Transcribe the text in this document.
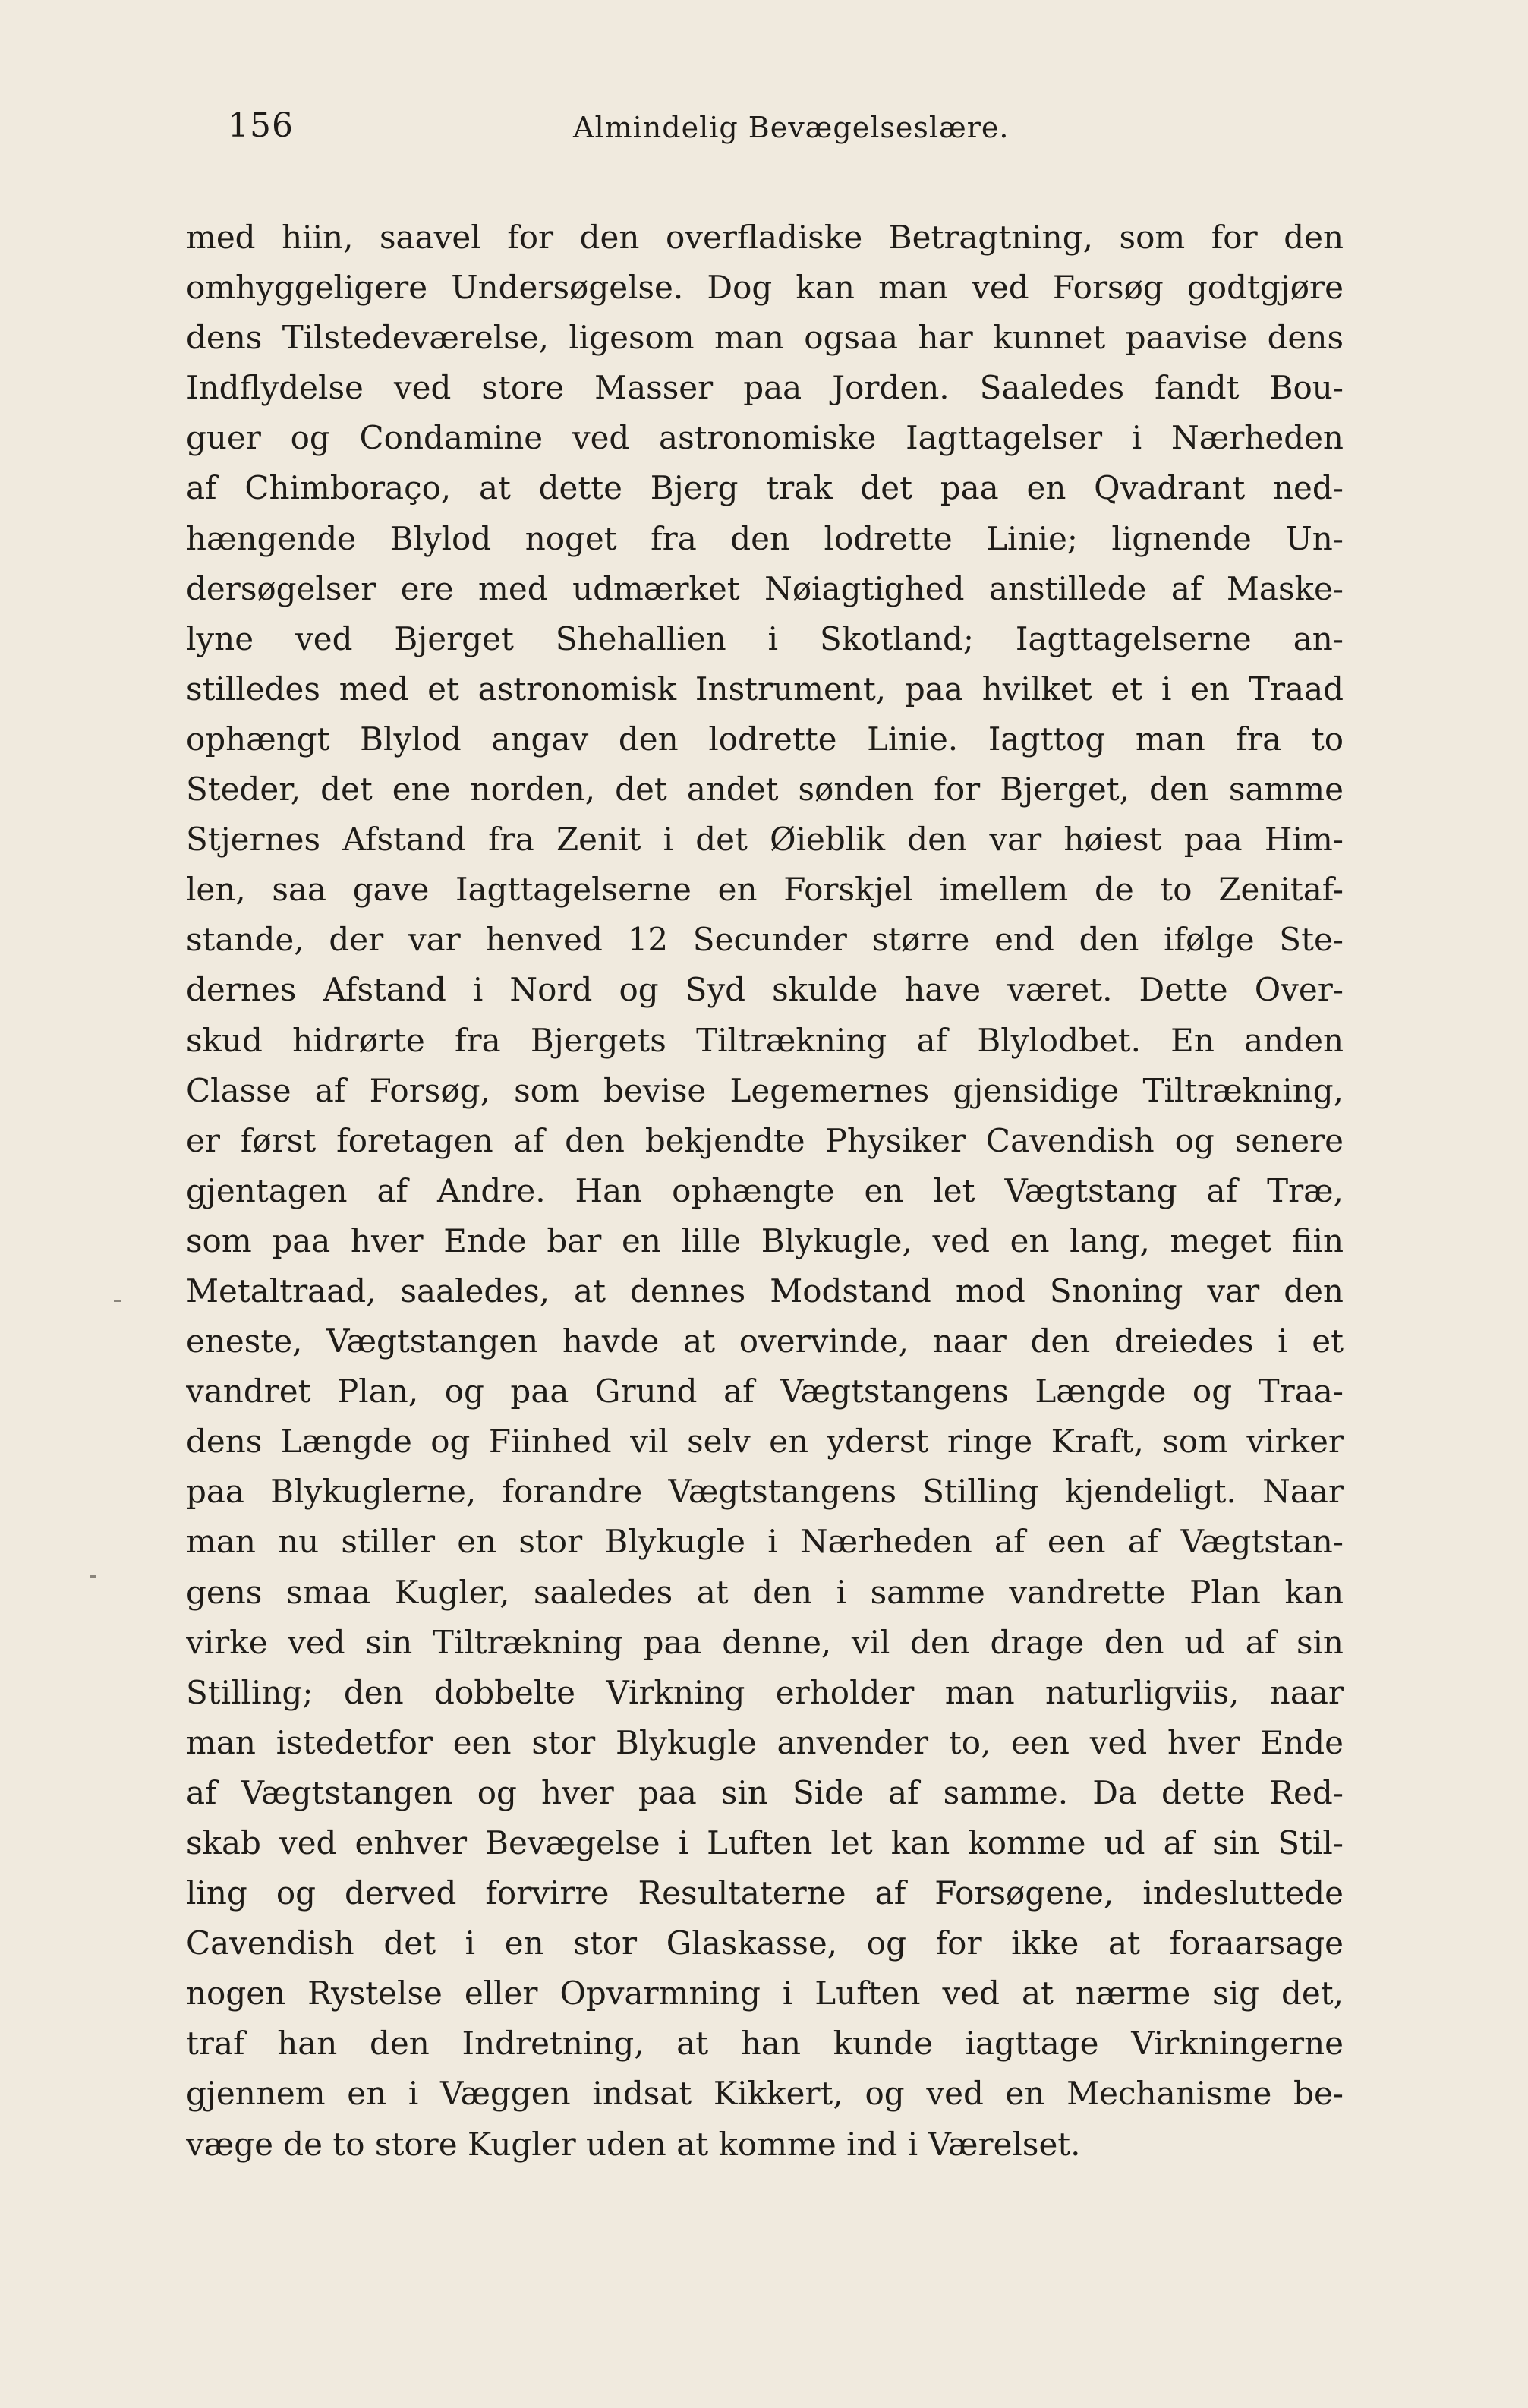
156	Almindelig Bevægelseslære.
med hiin, saavel for den overfladiske Betragtning, som for den
omhyggeligere Undersøgelse. Dog kan man ved Forsøg godtgjøre
dens Tilstedeværelse, ligesom man ogsaa har kunnet paavise dens
Indflydelse ved store Masser paa Jorden. Saaledes fandt Bou-
guer og Condamine ved astronomiske Iagttagelser i Nærheden
af Chimboraço, at dette Bjerg trak det paa en Qvadrant ned-
hængende Blylod noget fra den lodrette Linie; lignende Un-
dersøgelser ere med udmærket Nøiagtighed anstillede af Maske-
lyne ved Bjerget Shehallien i Skotland; Iagttagelserne an-
stilledes med et astronomisk Instrument, paa hvilket et i en Traad
ophængt Blylod angav den lodrette Linie. Iagttog man fra to
Steder, det ene norden, det andet sønden for Bjerget, den samme
Stjernes Afstand fra Zenit i det Øieblik den var høiest paa Him-
len, saa gave Iagttagelserne en Forskjel imellem de to Zenitaf-
stande, der var henved 12 Secunder større end den ifølge Ste-
dernes Afstand i Nord og Syd skulde have været. Dette Over-
skud hidrørte fra Bjergets Tiltrækning af Blylodbet. En anden
Classe af Forsøg, som bevise Legemernes gjensidige Tiltrækning,
er først foretagen af den bekjendte Physiker Cavendish og senere
gjentagen af Andre. Han ophængte en let Vægtstang af Træ,
som paa hver Ende bar en lille Blykugle, ved en lang, meget fiin
Metaltraad, saaledes, at dennes Modstand mod Snoning var den
eneste, Vægtstangen havde at overvinde, naar den dreiedes i et
vandret Plan, og paa Grund af Vægtstangens Længde og Traa-
dens Længde og Fiinhed vil selv en yderst ringe Kraft, som virker
paa Blykuglerne, forandre Vægtstangens Stilling kjendeligt. Naar
man nu stiller en stor Blykugle i Nærheden af een af Vægtstan-
gens smaa Kugler, saaledes at den i samme vandrette Plan kan
virke ved sin Tiltrækning paa denne, vil den drage den ud af sin
Stilling; den dobbelte Virkning erholder man naturligviis, naar
man istedetfor een stor Blykugle anvender to, een ved hver Ende
af Vægtstangen og hver paa sin Side af samme. Da dette Red-
skab ved enhver Bevægelse i Luften let kan komme ud af sin Stil-
ling og derved forvirre Resultaterne af Forsøgene, indesluttede
Cavendish det i en stor Glaskasse, og for ikke at foraarsage
nogen Rystelse eller Opvarmning i Luften ved at nærme sig det,
traf han den Indretning, at han kunde iagttage Virkningerne
gjennem en i Væggen indsat Kikkert, og ved en Mechanisme be-
væge de to store Kugler uden at komme ind i Værelset.
